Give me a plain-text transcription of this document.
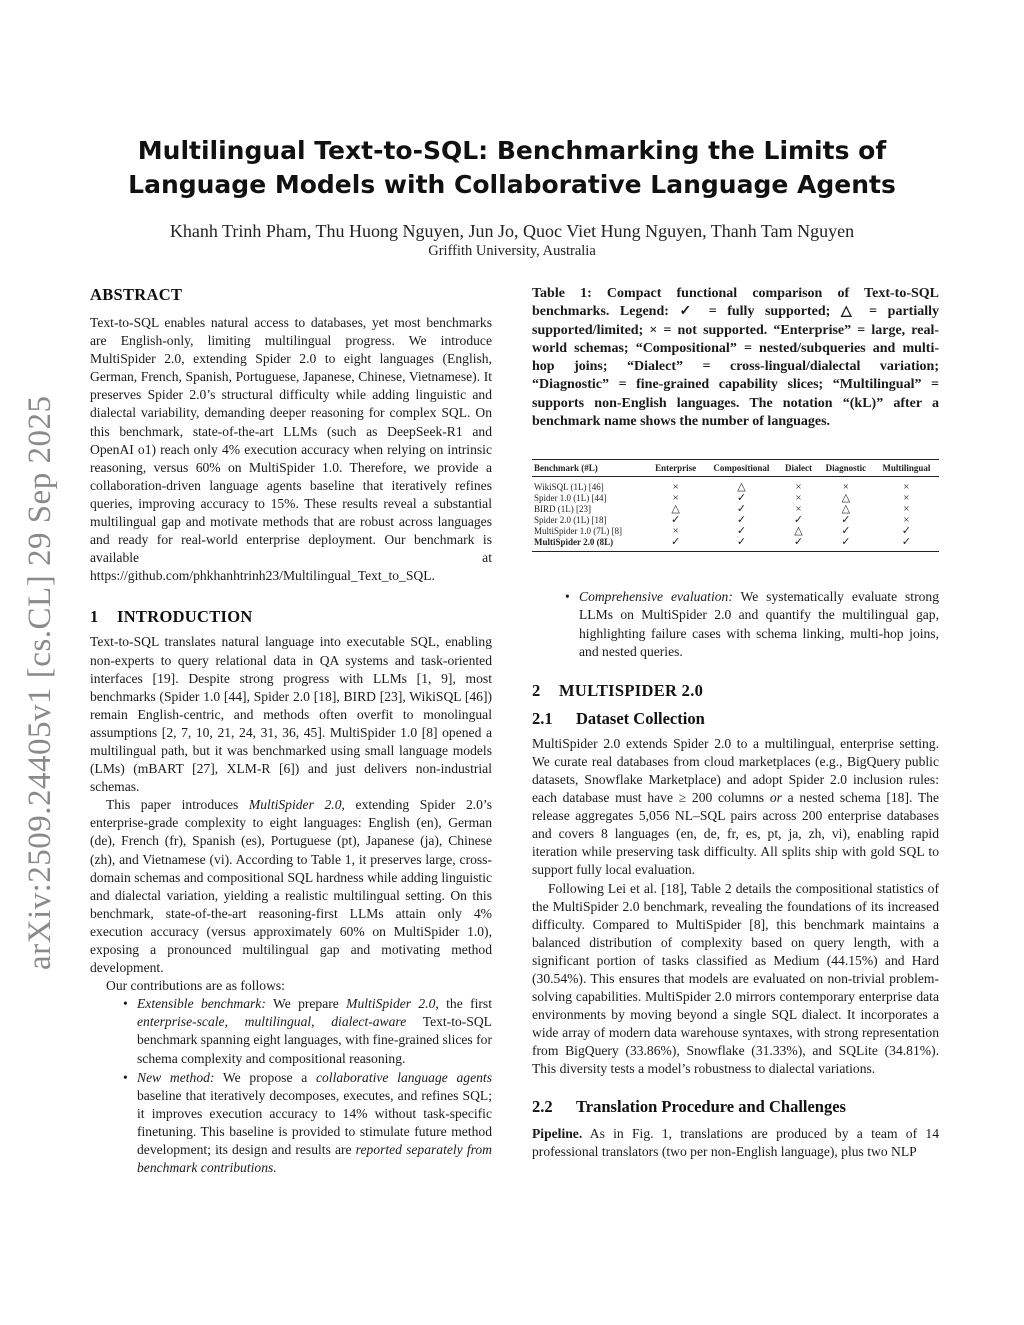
arXiv:2509.24405v1 [cs.CL] 29 Sep 2025
Multilingual Text-to-SQL: Benchmarking the Limits of Language Models with Collaborative Language Agents
Khanh Trinh Pham, Thu Huong Nguyen, Jun Jo, Quoc Viet Hung Nguyen, Thanh Tam Nguyen
Griffith University, Australia
ABSTRACT

Text-to-SQL enables natural access to databases, yet most benchmarks are English-only, limiting multilingual progress. We introduce MultiSpider 2.0, extending Spider 2.0 to eight languages (English, German, French, Spanish, Portuguese, Japanese, Chinese, Vietnamese). It preserves Spider 2.0’s structural difficulty while adding linguistic and dialectal variability, demanding deeper reasoning for complex SQL. On this benchmark, state-of-the-art LLMs (such as DeepSeek-R1 and OpenAI o1) reach only 4% execution accuracy when relying on intrinsic reasoning, versus 60% on MultiSpider 1.0. Therefore, we provide a collaboration-driven language agents baseline that iteratively refines queries, improving accuracy to 15%. These results reveal a substantial multilingual gap and motivate methods that are robust across languages and ready for real-world enterprise deployment. Our benchmark is available at https://github.com/phkhanhtrinh23/Multilingual_Text_to_SQL.

1 INTRODUCTION

Text-to-SQL translates natural language into executable SQL, enabling non-experts to query relational data in QA systems and task-oriented interfaces [19]. Despite strong progress with LLMs [1, 9], most benchmarks (Spider 1.0 [44], Spider 2.0 [18], BIRD [23], WikiSQL [46]) remain English-centric, and methods often overfit to monolingual assumptions [2, 7, 10, 21, 24, 31, 36, 45]. MultiSpider 1.0 [8] opened a multilingual path, but it was benchmarked using small language models (LMs) (mBART [27], XLM-R [6]) and just delivers non-industrial schemas.

This paper introduces MultiSpider 2.0, extending Spider 2.0’s enterprise-grade complexity to eight languages: English (en), German (de), French (fr), Spanish (es), Portuguese (pt), Japanese (ja), Chinese (zh), and Vietnamese (vi). According to Table 1, it preserves large, cross-domain schemas and compositional SQL hardness while adding linguistic and dialectal variation, yielding a realistic multilingual setting. On this benchmark, state-of-the-art reasoning-first LLMs attain only 4% execution accuracy (versus approximately 60% on MultiSpider 1.0), exposing a pronounced multilingual gap and motivating method development.

Our contributions are as follows:

• Extensible benchmark: We prepare MultiSpider 2.0, the first enterprise-scale, multilingual, dialect-aware Text-to-SQL benchmark spanning eight languages, with fine-grained slices for schema complexity and compositional reasoning.
• New method: We propose a collaborative language agents baseline that iteratively decomposes, executes, and refines SQL; it improves execution accuracy to 14% without task-specific finetuning. This baseline is provided to stimulate future method development; its design and results are reported separately from benchmark contributions.

Table 1: Compact functional comparison of Text-to-SQL benchmarks. Legend: ✓ = fully supported; △ = partially supported/limited; × = not supported. “Enterprise” = large, real-world schemas; “Compositional” = nested/subqueries and multi-hop joins; “Dialect” = cross-lingual/dialectal variation; “Diagnostic” = fine-grained capability slices; “Multilingual” = supports non-English languages. The notation “(kL)” after a benchmark name shows the number of languages.

Benchmark (#L)	Enterprise	Compositional	Dialect	Diagnostic	Multilingual
WikiSQL (1L) [46]	×	△	×	×	×
Spider 1.0 (1L) [44]	×	✓	×	△	×
BIRD (1L) [23]	△	✓	×	△	×
Spider 2.0 (1L) [18]	✓	✓	✓	✓	×
MultiSpider 1.0 (7L) [8]	×	✓	△	✓	✓
MultiSpider 2.0 (8L)	✓	✓	✓	✓	✓
• Comprehensive evaluation: We systematically evaluate strong LLMs on MultiSpider 2.0 and quantify the multilingual gap, highlighting failure cases with schema linking, multi-hop joins, and nested queries.
2 MULTISPIDER 2.0
2.1 Dataset Collection

MultiSpider 2.0 extends Spider 2.0 to a multilingual, enterprise setting. We curate real databases from cloud marketplaces (e.g., BigQuery public datasets, Snowflake Marketplace) and adopt Spider 2.0 inclusion rules: each database must have ≥ 200 columns or a nested schema [18]. The release aggregates 5,056 NL–SQL pairs across 200 enterprise databases and covers 8 languages (en, de, fr, es, pt, ja, zh, vi), enabling rapid iteration while preserving task difficulty. All splits ship with gold SQL to support fully local evaluation.

Following Lei et al. [18], Table 2 details the compositional statistics of the MultiSpider 2.0 benchmark, revealing the foundations of its increased difficulty. Compared to MultiSpider [8], this benchmark maintains a balanced distribution of complexity based on query length, with a significant portion of tasks classified as Medium (44.15%) and Hard (30.54%). This ensures that models are evaluated on non-trivial problem-solving capabilities. MultiSpider 2.0 mirrors contemporary enterprise data environments by moving beyond a single SQL dialect. It incorporates a wide array of modern data warehouse syntaxes, with strong representation from BigQuery (33.86%), Snowflake (31.33%), and SQLite (34.81%). This diversity tests a model’s robustness to dialectal variations.

2.2 Translation Procedure and Challenges

Pipeline. As in Fig. 1, translations are produced by a team of 14 professional translators (two per non-English language), plus two NLP
